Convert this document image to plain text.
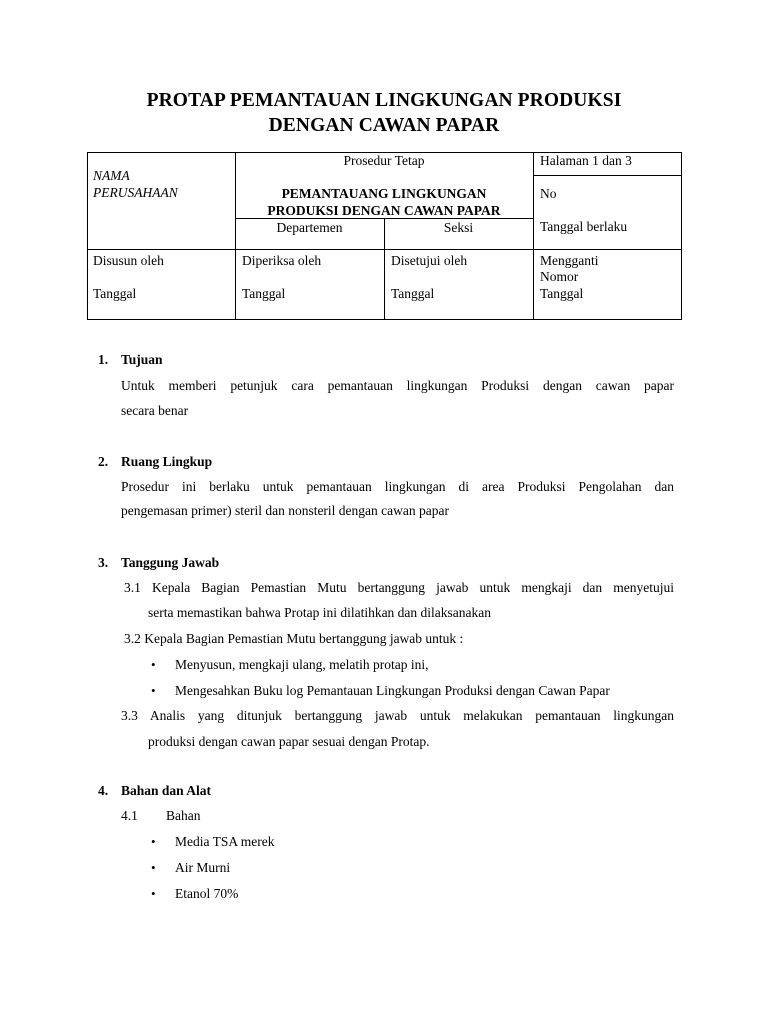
PROTAP PEMANTAUAN LINGKUNGAN PRODUKSI
DENGAN CAWAN PAPAR
NAMA
PERUSAHAAN
Prosedur Tetap
PEMANTAUANG LINGKUNGAN
PRODUKSI DENGAN CAWAN PAPAR
Departemen	Seksi
Halaman 1 dan 3
No
Tanggal berlaku
Disusun oleh
Tanggal
Diperiksa oleh
Tanggal
Disetujui oleh
Tanggal
Mengganti
Nomor
Tanggal
1. Tujuan
Untuk memberi petunjuk cara pemantauan lingkungan Produksi dengan cawan papar
secara benar
2. Ruang Lingkup
Prosedur ini berlaku untuk pemantauan lingkungan di area Produksi Pengolahan dan
pengemasan primer) steril dan nonsteril dengan cawan papar
3. Tanggung Jawab
3.1 Kepala Bagian Pemastian Mutu bertanggung jawab untuk mengkaji dan menyetujui
serta memastikan bahwa Protap ini dilatihkan dan dilaksanakan
3.2 Kepala Bagian Pemastian Mutu bertanggung jawab untuk :
• Menyusun, mengkaji ulang, melatih protap ini,
• Mengesahkan Buku log Pemantauan Lingkungan Produksi dengan Cawan Papar
3.3 Analis yang ditunjuk bertanggung jawab untuk melakukan pemantauan lingkungan
produksi dengan cawan papar sesuai dengan Protap.
4. Bahan dan Alat
4.1 Bahan
• Media TSA merek
• Air Murni
• Etanol 70%
